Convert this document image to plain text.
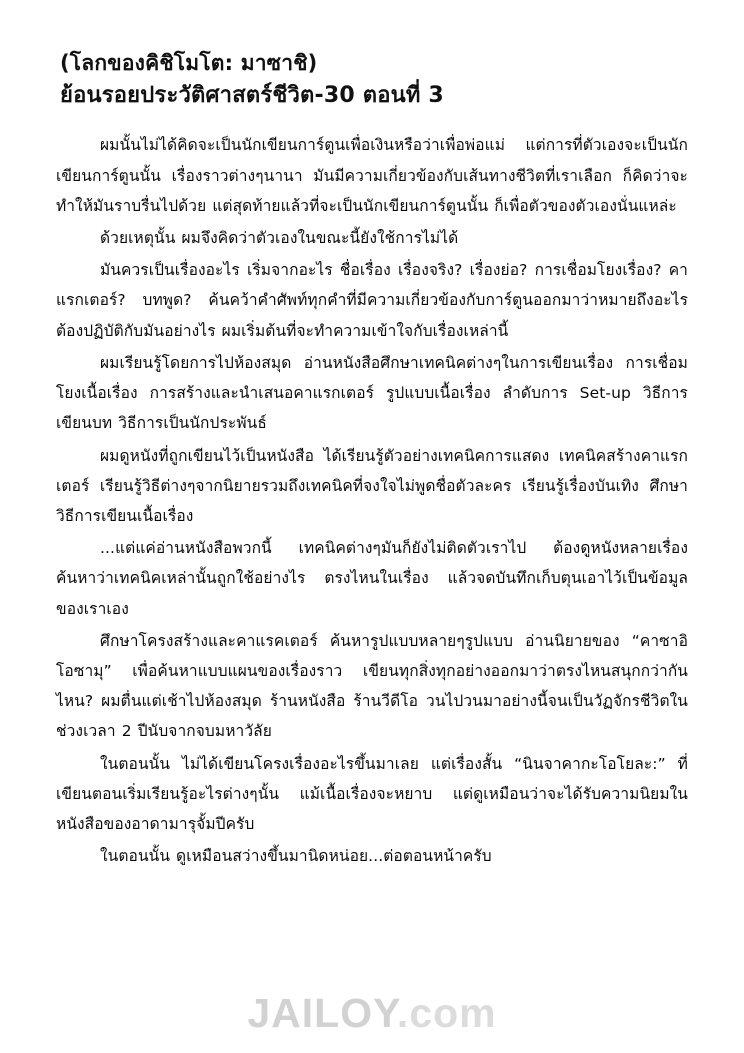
(โลกของคิชิโมโต: มาซาชิ)
ย้อนรอยประวัติศาสตร์ชีวิต-30 ตอนที่ 3

ผมนั้นไม่ได้คิดจะเป็นนักเขียนการ์ตูนเพื่อเงินหรือว่าเพื่อพ่อแม่ แต่การที่ตัวเองจะเป็นนักเขียนการ์ตูนนั้น เรื่องราวต่างๆนานา มันมีความเกี่ยวข้องกับเส้นทางชีวิตที่เราเลือก ก็คิดว่าจะทำให้มันราบรื่นไปด้วย แต่สุดท้ายแล้วที่จะเป็นนักเขียนการ์ตูนนั้น ก็เพื่อตัวของตัวเองนั่นแหล่ะ

ด้วยเหตุนั้น ผมจึงคิดว่าตัวเองในขณะนี้ยังใช้การไม่ได้

มันควรเป็นเรื่องอะไร เริ่มจากอะไร ชื่อเรื่อง เรื่องจริง? เรื่องย่อ? การเชื่อมโยงเรื่อง? คาแรกเตอร์? บทพูด? ค้นคว้าคำศัพท์ทุกคำที่มีความเกี่ยวข้องกับการ์ตูนออกมาว่าหมายถึงอะไร ต้องปฏิบัติกับมันอย่างไร ผมเริ่มต้นที่จะทำความเข้าใจกับเรื่องเหล่านี้

ผมเรียนรู้โดยการไปห้องสมุด อ่านหนังสือศึกษาเทคนิคต่างๆในการเขียนเรื่อง การเชื่อมโยงเนื้อเรื่อง การสร้างและนำเสนอคาแรกเตอร์ รูปแบบเนื้อเรื่อง ลำดับการ Set-up วิธีการเขียนบท วิธีการเป็นนักประพันธ์

ผมดูหนังที่ถูกเขียนไว้เป็นหนังสือ ได้เรียนรู้ตัวอย่างเทคนิคการแสดง เทคนิคสร้างคาแรกเตอร์ เรียนรู้วิธีต่างๆจากนิยายรวมถึงเทคนิคที่จงใจไม่พูดชื่อตัวละคร เรียนรู้เรื่องบันเทิง ศึกษาวิธีการเขียนเนื้อเรื่อง

...แต่แค่อ่านหนังสือพวกนี้ เทคนิคต่างๆมันก็ยังไม่ติดตัวเราไป ต้องดูหนังหลายเรื่อง ค้นหาว่าเทคนิคเหล่านั้นถูกใช้อย่างไร ตรงไหนในเรื่อง แล้วจดบันทึกเก็บตุนเอาไว้เป็นข้อมูลของเราเอง

ศึกษาโครงสร้างและคาแรคเตอร์ ค้นหารูปแบบหลายๆรูปแบบ อ่านนิยายของ “คาซาอิ โอซามุ” เพื่อค้นหาแบบแผนของเรื่องราว เขียนทุกสิ่งทุกอย่างออกมาว่าตรงไหนสนุกกว่ากันไหน? ผมตื่นแต่เช้าไปห้องสมุด ร้านหนังสือ ร้านวีดีโอ วนไปวนมาอย่างนี้จนเป็นวัฏจักรชีวิตในช่วงเวลา 2 ปีนับจากจบมหาวัลัย

ในตอนนั้น ไม่ได้เขียนโครงเรื่องอะไรขึ้นมาเลย แต่เรื่องสั้น “นินจาคากะโอโยละ:” ที่เขียนตอนเริ่มเรียนรู้อะไรต่างๆนั้น แม้เนื้อเรื่องจะหยาบ แต่ดูเหมือนว่าจะได้รับความนิยมในหนังสือของอาดามารุจั้มปีครับ

ในตอนนั้น ดูเหมือนสว่างขึ้นมานิดหน่อย...ต่อตอนหน้าครับ

JAILOY.com
